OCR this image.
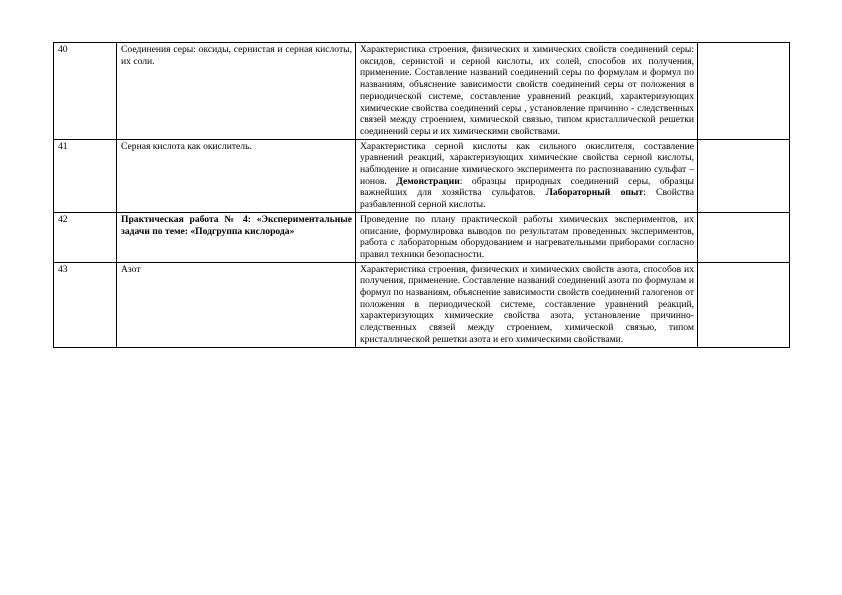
40	Соединения серы: оксиды, сернистая и серная кислоты, их соли.	Характеристика строения, физических и химических свойств соединений серы: оксидов, сернистой и серной кислоты, их солей, способов их получения, применение. Составление названий соединений серы по формулам и формул по названиям, объяснение зависимости свойств соединений серы от положения в периодической системе, составление уравнений реакций, характеризующих химические свойства соединений серы , установление причинно - следственных связей между строением, химической связью, типом кристаллической решетки соединений серы и их химическими свойствами.	
41	Серная кислота как окислитель.	Характеристика серной кислоты как сильного окислителя, составление уравнений реакций, характеризующих химические свойства серной кислоты, наблюдение и описание химического эксперимента по распознаванию сульфат – ионов. Демонстрации: образцы природных соединений серы, образцы важнейших для хозяйства сульфатов. Лабораторный опыт: Свойства разбавленной серной кислоты.	
42	Практическая работа № 4: «Экспериментальные задачи по теме: «Подгруппа кислорода»	Проведение по плану практической работы химических экспериментов, их описание, формулировка выводов по результатам проведенных экспериментов, работа с лабораторным оборудованием и нагревательными приборами согласно правил техники безопасности.	
43	Азот	Характеристика строения, физических и химических свойств азота, способов их получения, применение. Составление названий соединений азота по формулам и формул по названиям, объяснение зависимости свойств соединений галогенов от положения в периодической системе, составление уравнений реакций, характеризующих химические свойства азота, установление причинно- следственных связей между строением, химической связью, типом кристаллической решетки азота и его химическими свойствами.	
